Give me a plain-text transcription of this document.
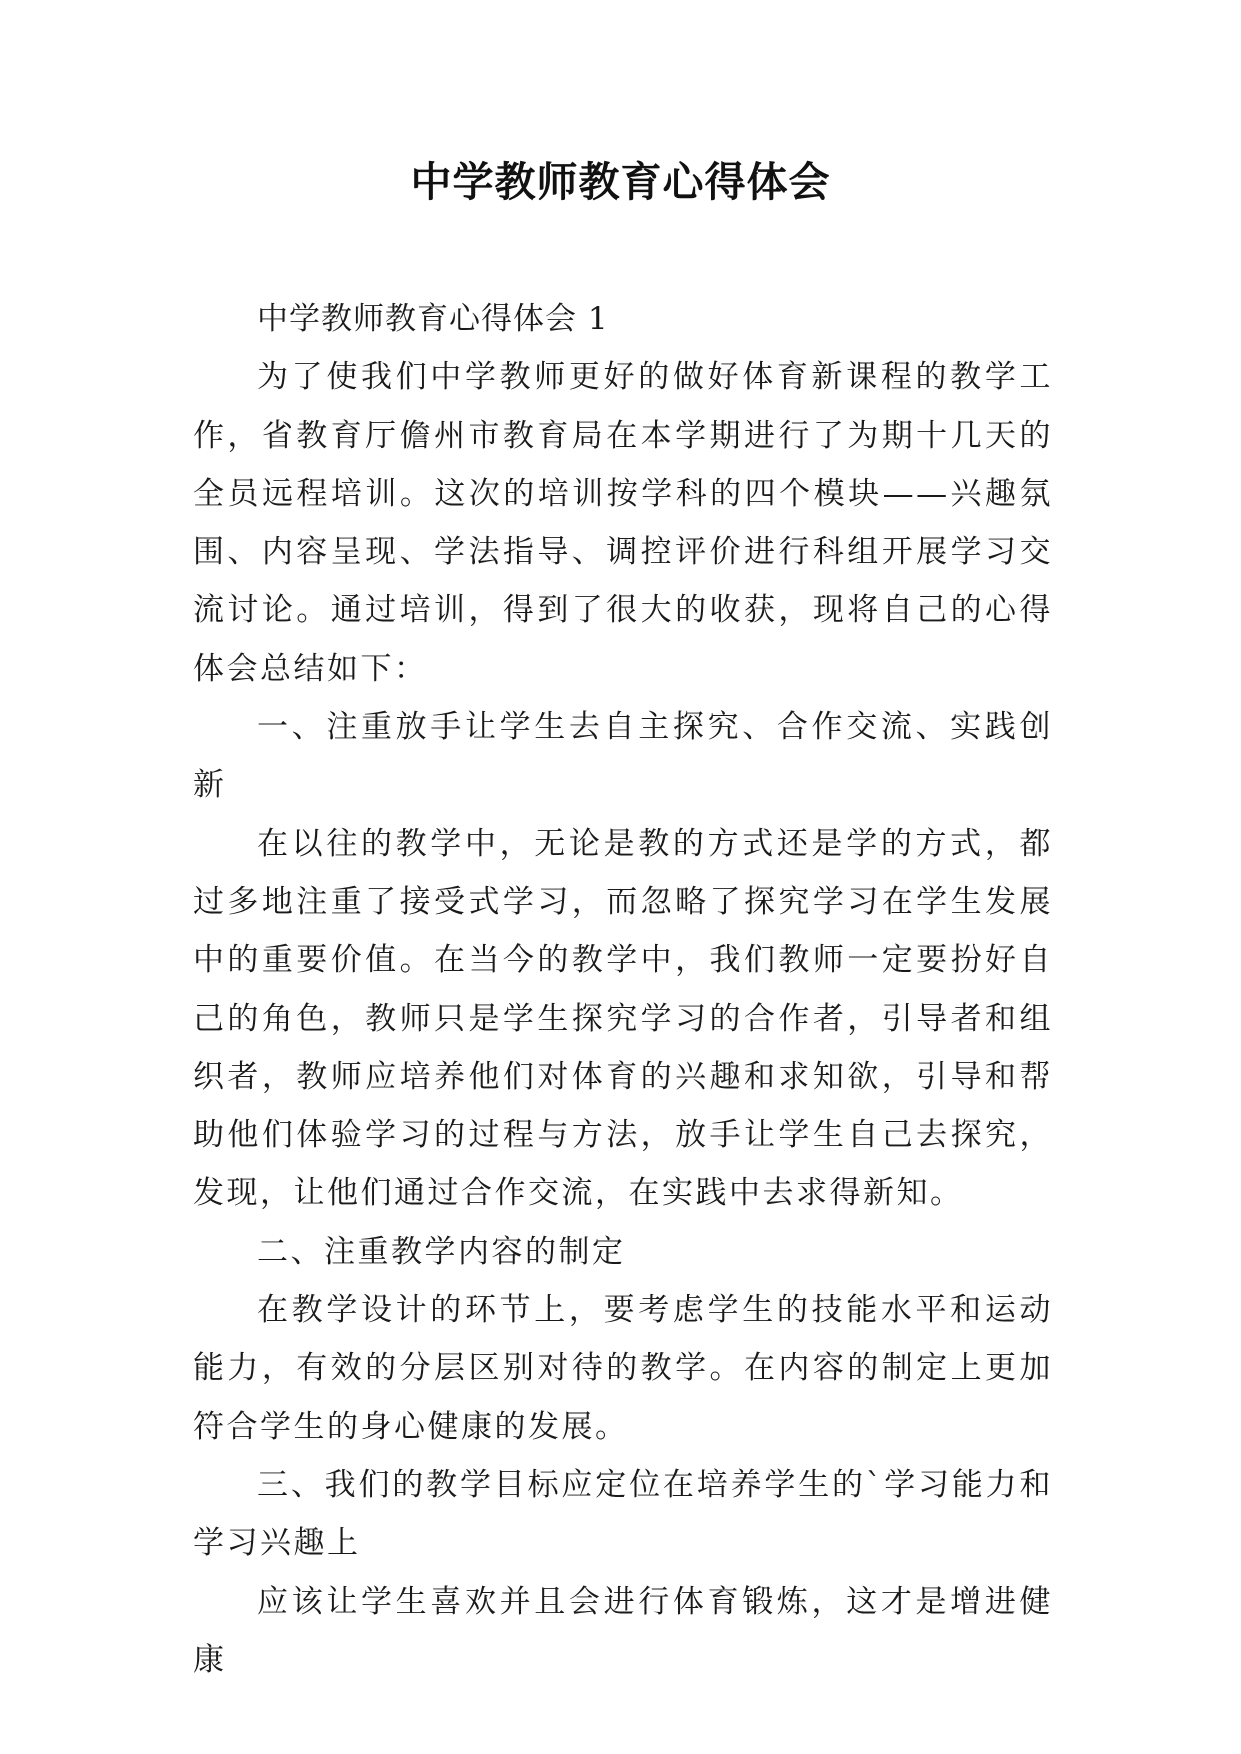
中学教师教育心得体会

中学教师教育心得体会 1

为了使我们中学教师更好的做好体育新课程的教学工作，省教育厅儋州市教育局在本学期进行了为期十几天的全员远程培训。这次的培训按学科的四个模块——兴趣氛围、内容呈现、学法指导、调控评价进行科组开展学习交流讨论。通过培训，得到了很大的收获，现将自己的心得体会总结如下：

一、注重放手让学生去自主探究、合作交流、实践创新

在以往的教学中，无论是教的方式还是学的方式，都过多地注重了接受式学习，而忽略了探究学习在学生发展中的重要价值。在当今的教学中，我们教师一定要扮好自己的角色，教师只是学生探究学习的合作者，引导者和组织者，教师应培养他们对体育的兴趣和求知欲，引导和帮助他们体验学习的过程与方法，放手让学生自己去探究，发现，让他们通过合作交流，在实践中去求得新知。

二、注重教学内容的制定

在教学设计的环节上，要考虑学生的技能水平和运动能力，有效的分层区别对待的教学。在内容的制定上更加符合学生的身心健康的发展。

三、我们的教学目标应定位在培养学生的`学习能力和学习兴趣上

应该让学生喜欢并且会进行体育锻炼，这才是增进健康
